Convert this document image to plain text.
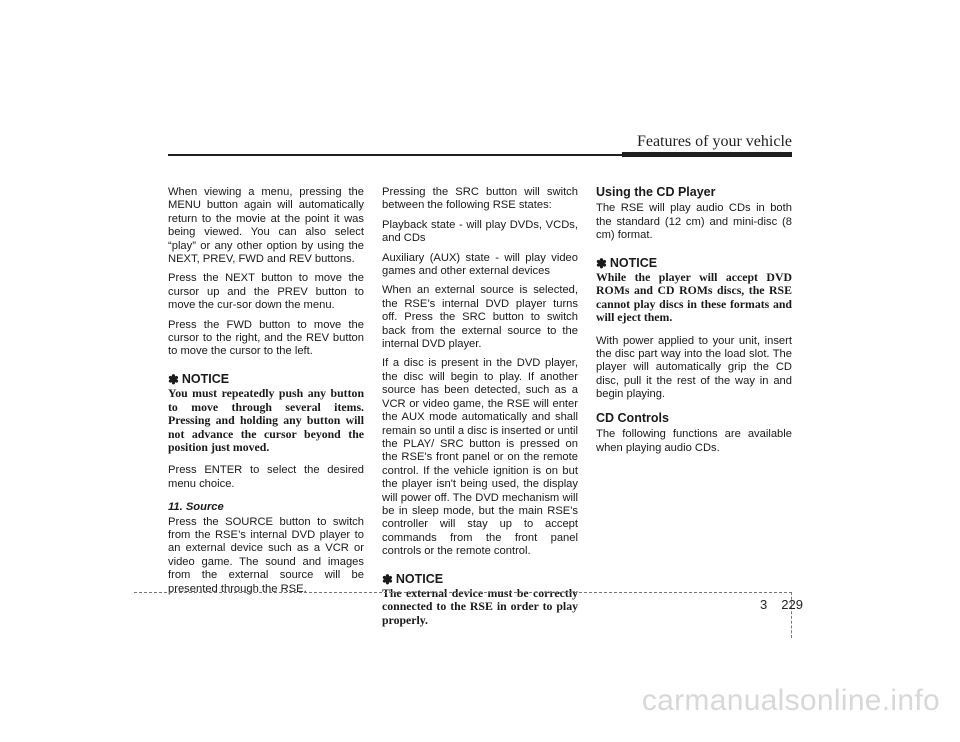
Features of your vehicle

When viewing a menu, pressing the MENU button again will automatically return to the movie at the point it was being viewed. You can also select “play” or any other option by using the NEXT, PREV, FWD and REV buttons.

Press the NEXT button to move the cursor up and the PREV button to move the cur-sor down the menu.

Press the FWD button to move the cursor to the right, and the REV button to move the cursor to the left.

✽ NOTICE
You must repeatedly push any button to move through several items. Pressing and holding any button will not advance the cursor beyond the position just moved.

Press ENTER to select the desired menu choice.

11. Source

Press the SOURCE button to switch from the RSE’s internal DVD player to an external device such as a VCR or video game. The sound and images from the external source will be presented through the RSE.

Pressing the SRC button will switch between the following RSE states:

Playback state - will play DVDs, VCDs, and CDs

Auxiliary (AUX) state - will play video games and other external devices

When an external source is selected, the RSE’s internal DVD player turns off. Press the SRC button to switch back from the external source to the internal DVD player.

If a disc is present in the DVD player, the disc will begin to play. If another source has been detected, such as a VCR or video game, the RSE will enter the AUX mode automatically and shall remain so until a disc is inserted or until the PLAY/ SRC button is pressed on the RSE's front panel or on the remote control. If the vehicle ignition is on but the player isn't being used, the display will power off. The DVD mechanism will be in sleep mode, but the main RSE's controller will stay up to accept commands from the front panel controls or the remote control.

✽ NOTICE
The external device must be correctly connected to the RSE in order to play properly.
Using the CD Player

The RSE will play audio CDs in both the standard (12 cm) and mini-disc (8 cm) format.

✽ NOTICE
While the player will accept DVD ROMs and CD ROMs discs, the RSE cannot play discs in these formats and will eject them.

With power applied to your unit, insert the disc part way into the load slot. The player will automatically grip the CD disc, pull it the rest of the way in and begin playing.

CD Controls

The following functions are available when playing audio CDs.

3 229
carmanualsonline.info
